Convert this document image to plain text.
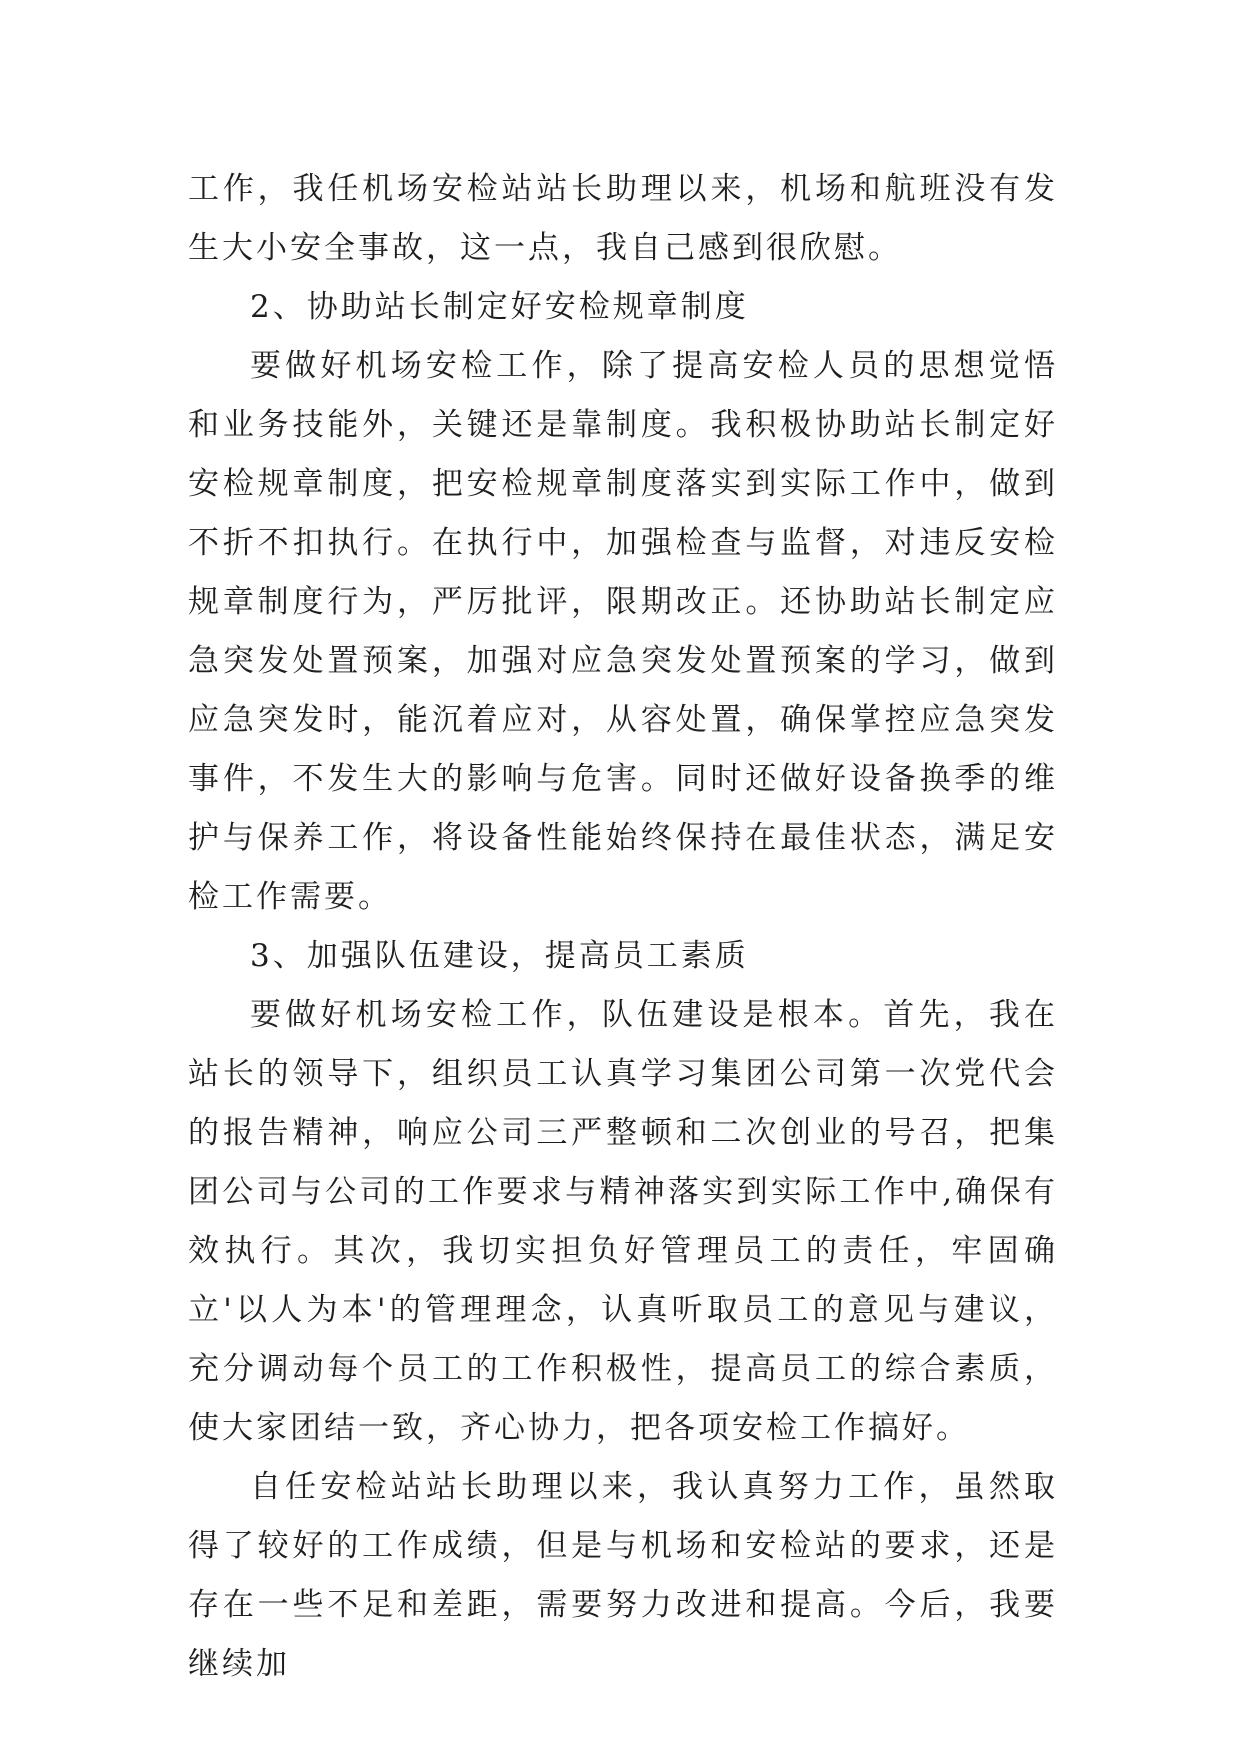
工作，我任机场安检站站长助理以来，机场和航班没有发生大小安全事故，这一点，我自己感到很欣慰。

2、协助站长制定好安检规章制度

要做好机场安检工作，除了提高安检人员的思想觉悟和业务技能外，关键还是靠制度。我积极协助站长制定好安检规章制度，把安检规章制度落实到实际工作中，做到不折不扣执行。在执行中，加强检查与监督，对违反安检规章制度行为，严厉批评，限期改正。还协助站长制定应急突发处置预案，加强对应急突发处置预案的学习，做到应急突发时，能沉着应对，从容处置，确保掌控应急突发事件，不发生大的影响与危害。同时还做好设备换季的维护与保养工作，将设备性能始终保持在最佳状态，满足安检工作需要。

3、加强队伍建设，提高员工素质

要做好机场安检工作，队伍建设是根本。首先，我在站长的领导下，组织员工认真学习集团公司第一次党代会的报告精神，响应公司三严整顿和二次创业的号召，把集团公司与公司的工作要求与精神落实到实际工作中,确保有效执行。其次，我切实担负好管理员工的责任，牢固确立'以人为本'的管理理念，认真听取员工的意见与建议，充分调动每个员工的工作积极性，提高员工的综合素质，使大家团结一致，齐心协力，把各项安检工作搞好。

自任安检站站长助理以来，我认真努力工作，虽然取得了较好的工作成绩，但是与机场和安检站的要求，还是存在一些不足和差距，需要努力改进和提高。今后，我要继续加
